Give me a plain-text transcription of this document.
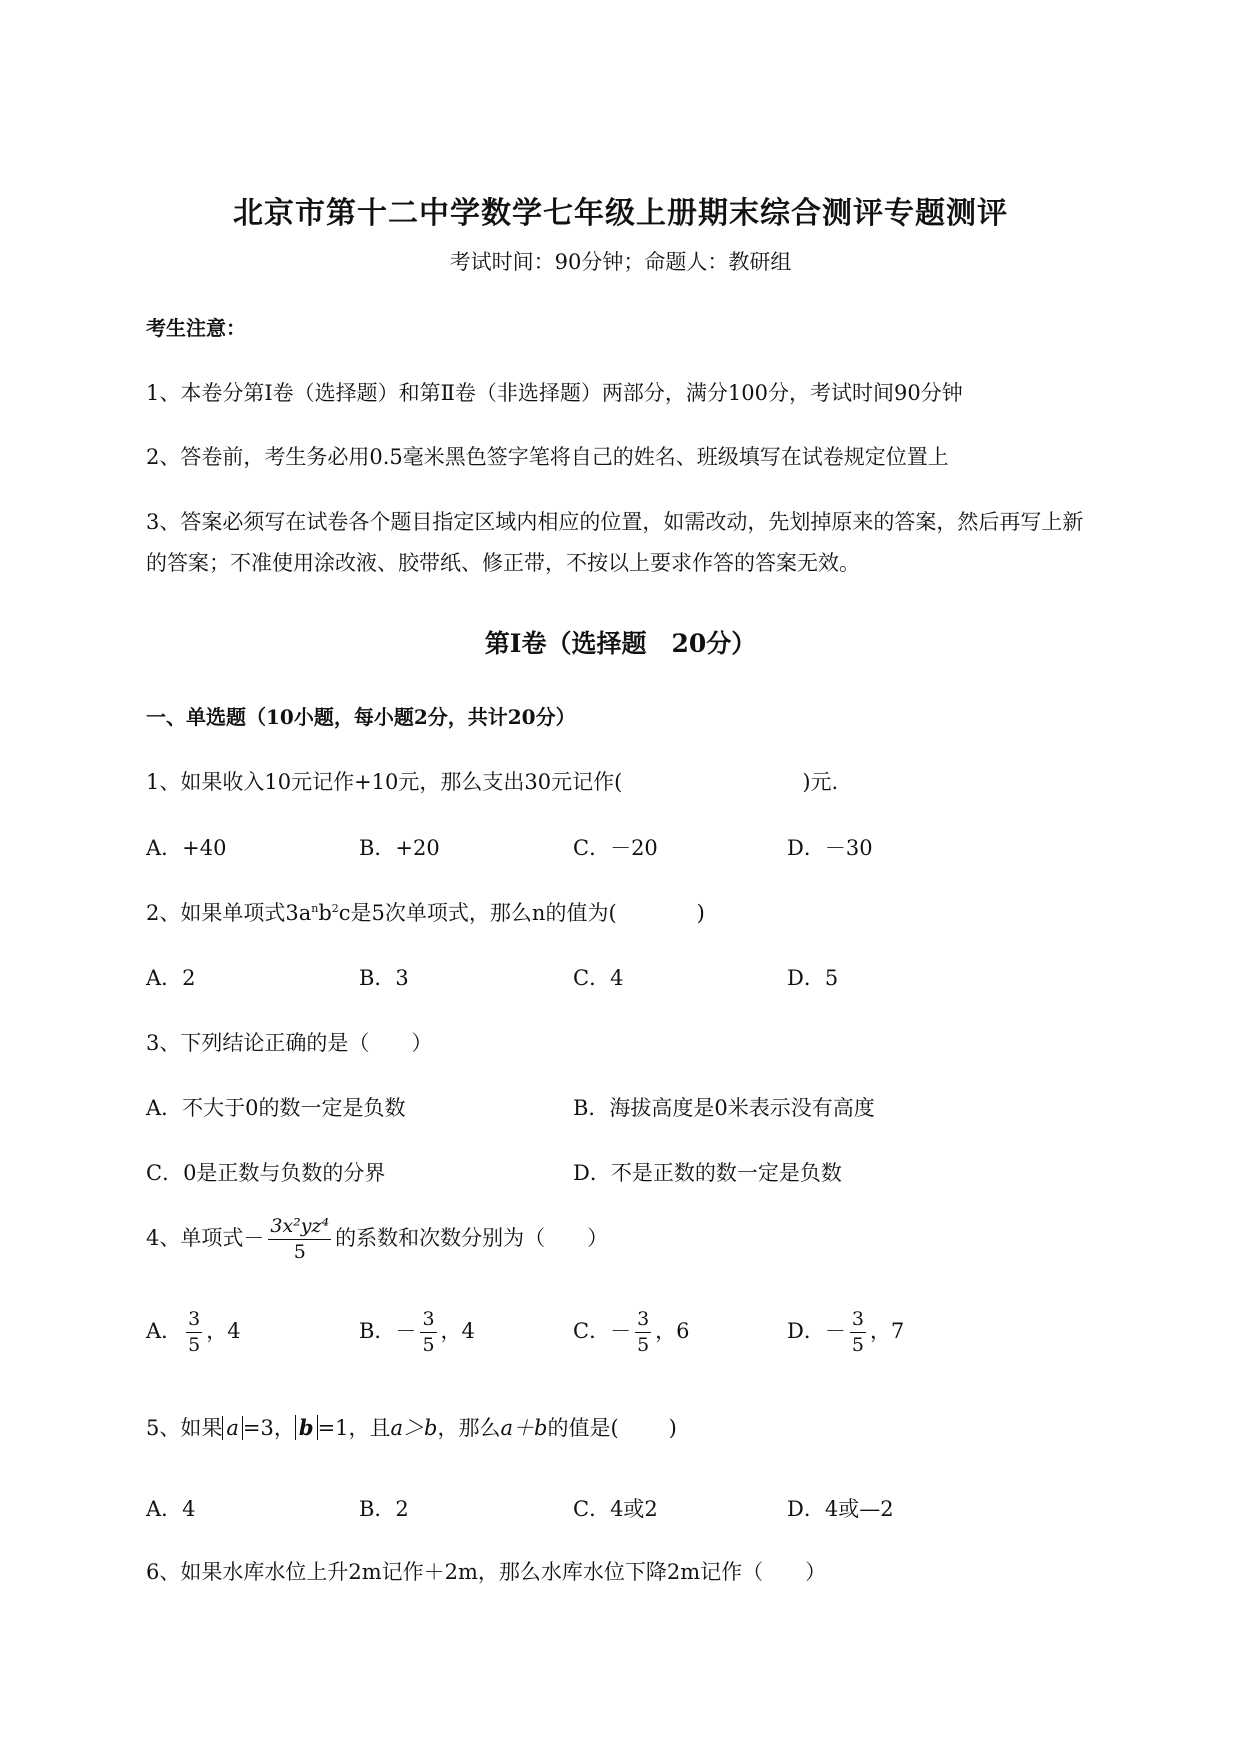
北京市第十二中学数学七年级上册期末综合测评专题测评
考试时间：90分钟；命题人：教研组
考生注意：
1、本卷分第Ⅰ卷（选择题）和第Ⅱ卷（非选择题）两部分，满分100分，考试时间90分钟
2、答卷前，考生务必用0.5毫米黑色签字笔将自己的姓名、班级填写在试卷规定位置上
3、答案必须写在试卷各个题目指定区域内相应的位置，如需改动，先划掉原来的答案，然后再写上新
的答案；不准使用涂改液、胶带纸、修正带，不按以上要求作答的答案无效。
第Ⅰ卷（选择题　20分）
一、单选题（10小题，每小题2分，共计20分）
1、如果收入10元记作+10元，那么支出30元记作(	)元.
A．+40	B．+20	C．－20	D．－30
2、如果单项式$3a^nb^2c$是5次单项式，那么n的值为(	)
A．2	B．3	C．4	D．5
3、下列结论正确的是（　　）
A．不大于0的数一定是负数	B．海拔高度是0米表示没有高度
C．0是正数与负数的分界	D．不是正数的数一定是负数
4、单项式－ $\frac{\text{3x²yz⁴}}{5}$ 的系数和次数分别为（　　）
A． $\frac{3}{5}$ ，4	B．－ $\frac{3}{5}$ ，4	C．－ $\frac{3}{5}$ ，6	D．－ $\frac{3}{5}$ ，7
5、如果 a =3， b =1，且a＞b，那么a＋b的值是( )
A．4	B．2	C．4或2	D．4或—2
6、如果水库水位上升2m记作＋2m，那么水库水位下降2m记作（　　）
